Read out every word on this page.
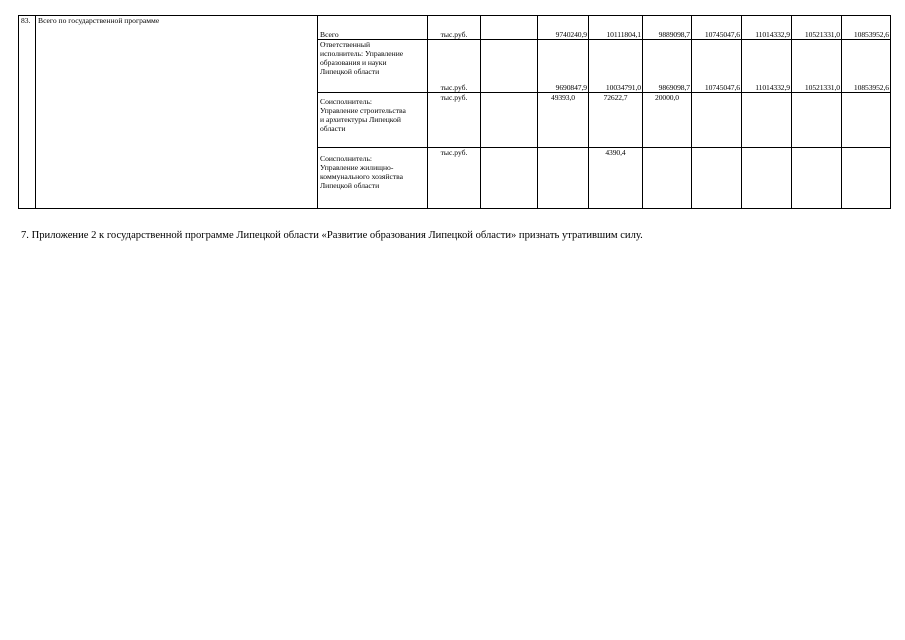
83.	Всего по государственной программе	Всего	тыс.руб.		9740240,9	10111804,1	9889098,7	10745047,6	11014332,9	10521331,0	10853952,6

		Ответственный
исполнитель: Управление
образования и науки
Липецкой области	тыс.руб.		9690847,9	10034791,0	9869098,7	10745047,6	11014332,9	10521331,0	10853952,6

		Соисполнитель:
Управление строительства
и архитектуры Липецкой
области	тыс.руб.		49393,0	72622,7	20000,0				

		Соисполнитель:
Управление жилищно-
коммунального хозяйства
Липецкой области	тыс.руб.			4390,4					
7. Приложение 2 к государственной программе Липецкой области «Развитие образования Липецкой области» признать утратившим силу.
